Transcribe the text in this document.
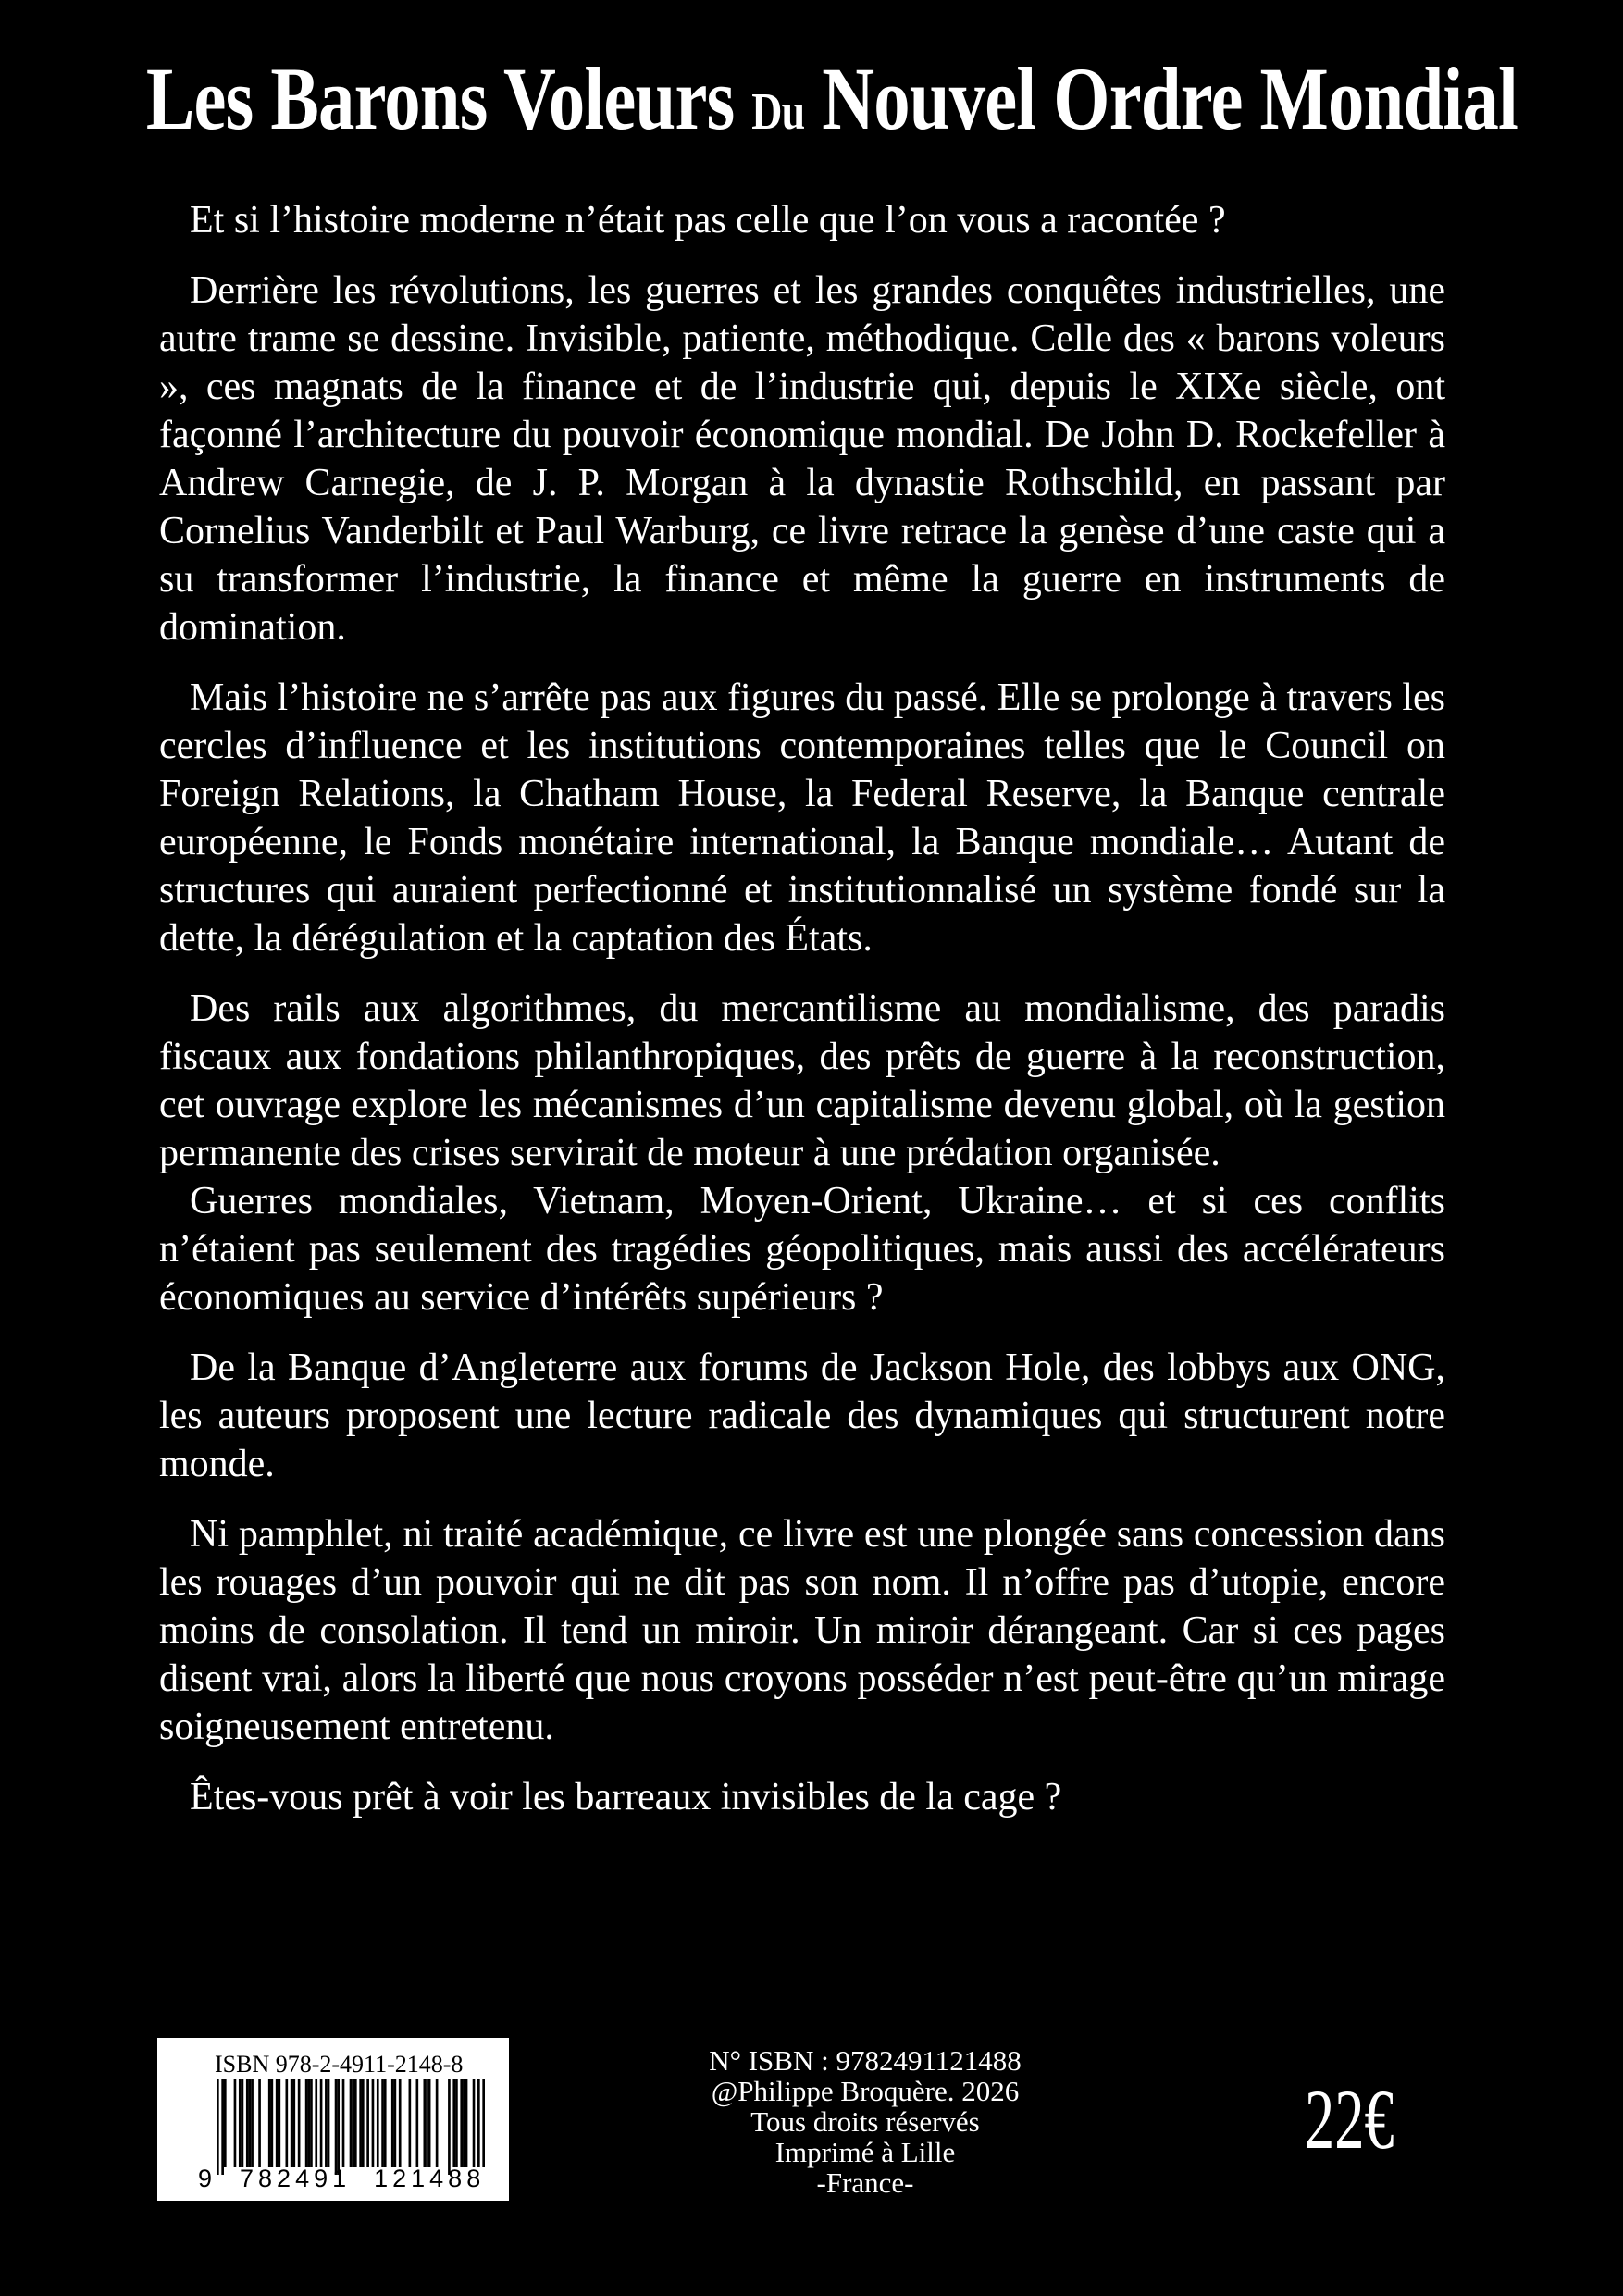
Les Barons Voleurs Du Nouvel Ordre Mondial

Et si l’histoire moderne n’était pas celle que l’on vous a racontée ?

Derrière les révolutions, les guerres et les grandes conquêtes industrielles, une autre trame se dessine. Invisible, patiente, méthodique. Celle des « barons voleurs », ces magnats de la finance et de l’industrie qui, depuis le XIXe siècle, ont façonné l’architecture du pouvoir économique mondial. De John D. Rockefeller à Andrew Carnegie, de J. P. Morgan à la dynastie Rothschild, en passant par Cornelius Vanderbilt et Paul Warburg, ce livre retrace la genèse d’une caste qui a su transformer l’industrie, la finance et même la guerre en instruments de domination.

Mais l’histoire ne s’arrête pas aux figures du passé. Elle se prolonge à travers les cercles d’influence et les institutions contemporaines telles que le Council on Foreign Relations, la Chatham House, la Federal Reserve, la Banque centrale européenne, le Fonds monétaire international, la Banque mondiale… Autant de structures qui auraient perfectionné et institutionnalisé un système fondé sur la dette, la dérégulation et la captation des États.

Des rails aux algorithmes, du mercantilisme au mondialisme, des paradis fiscaux aux fondations philanthropiques, des prêts de guerre à la reconstruction, cet ouvrage explore les mécanismes d’un capitalisme devenu global, où la gestion permanente des crises servirait de moteur à une prédation organisée.

Guerres mondiales, Vietnam, Moyen-Orient, Ukraine… et si ces conflits n’étaient pas seulement des tragédies géopolitiques, mais aussi des accélérateurs économiques au service d’intérêts supérieurs ?

De la Banque d’Angleterre aux forums de Jackson Hole, des lobbys aux ONG, les auteurs proposent une lecture radicale des dynamiques qui structurent notre monde.

Ni pamphlet, ni traité académique, ce livre est une plongée sans concession dans les rouages d’un pouvoir qui ne dit pas son nom. Il n’offre pas d’utopie, encore moins de consolation. Il tend un miroir. Un miroir dérangeant. Car si ces pages disent vrai, alors la liberté que nous croyons posséder n’est peut-être qu’un mirage soigneusement entretenu.

Êtes-vous prêt à voir les barreaux invisibles de la cage ?

ISBN 978-2-4911-2148-8
9  782491  121488
N° ISBN : 9782491121488
@Philippe Broquère. 2026
Tous droits réservés
Imprimé à Lille
-France-
22€
